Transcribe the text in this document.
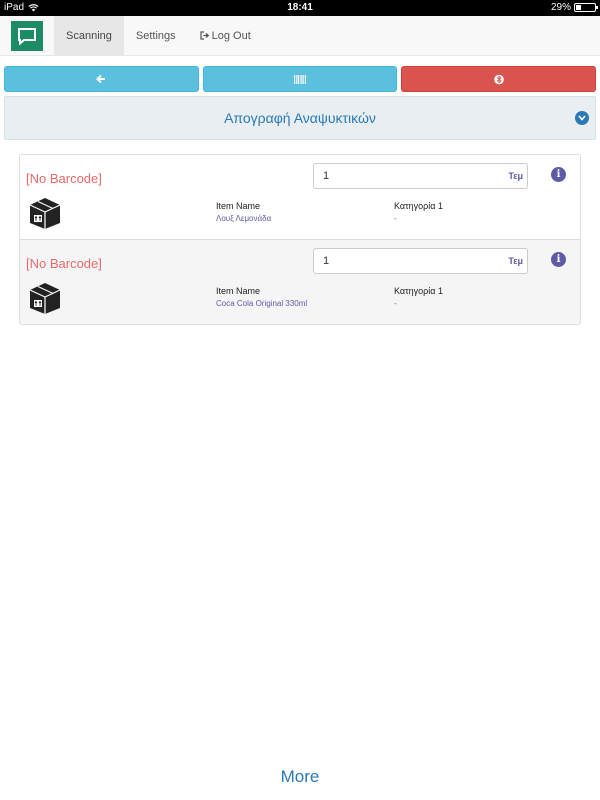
iPad	18:41	29%
Scanning Settings	Log Out
Απογραφή Αναψυκτικών
[No Barcode]	1	Τεμ	i
Item Name
Λουξ Λεμονάδα
Κατηγορία 1
-
[No Barcode]	1	Τεμ	i
Item Name
Coca Cola Original 330ml
Κατηγορία 1
-
More
